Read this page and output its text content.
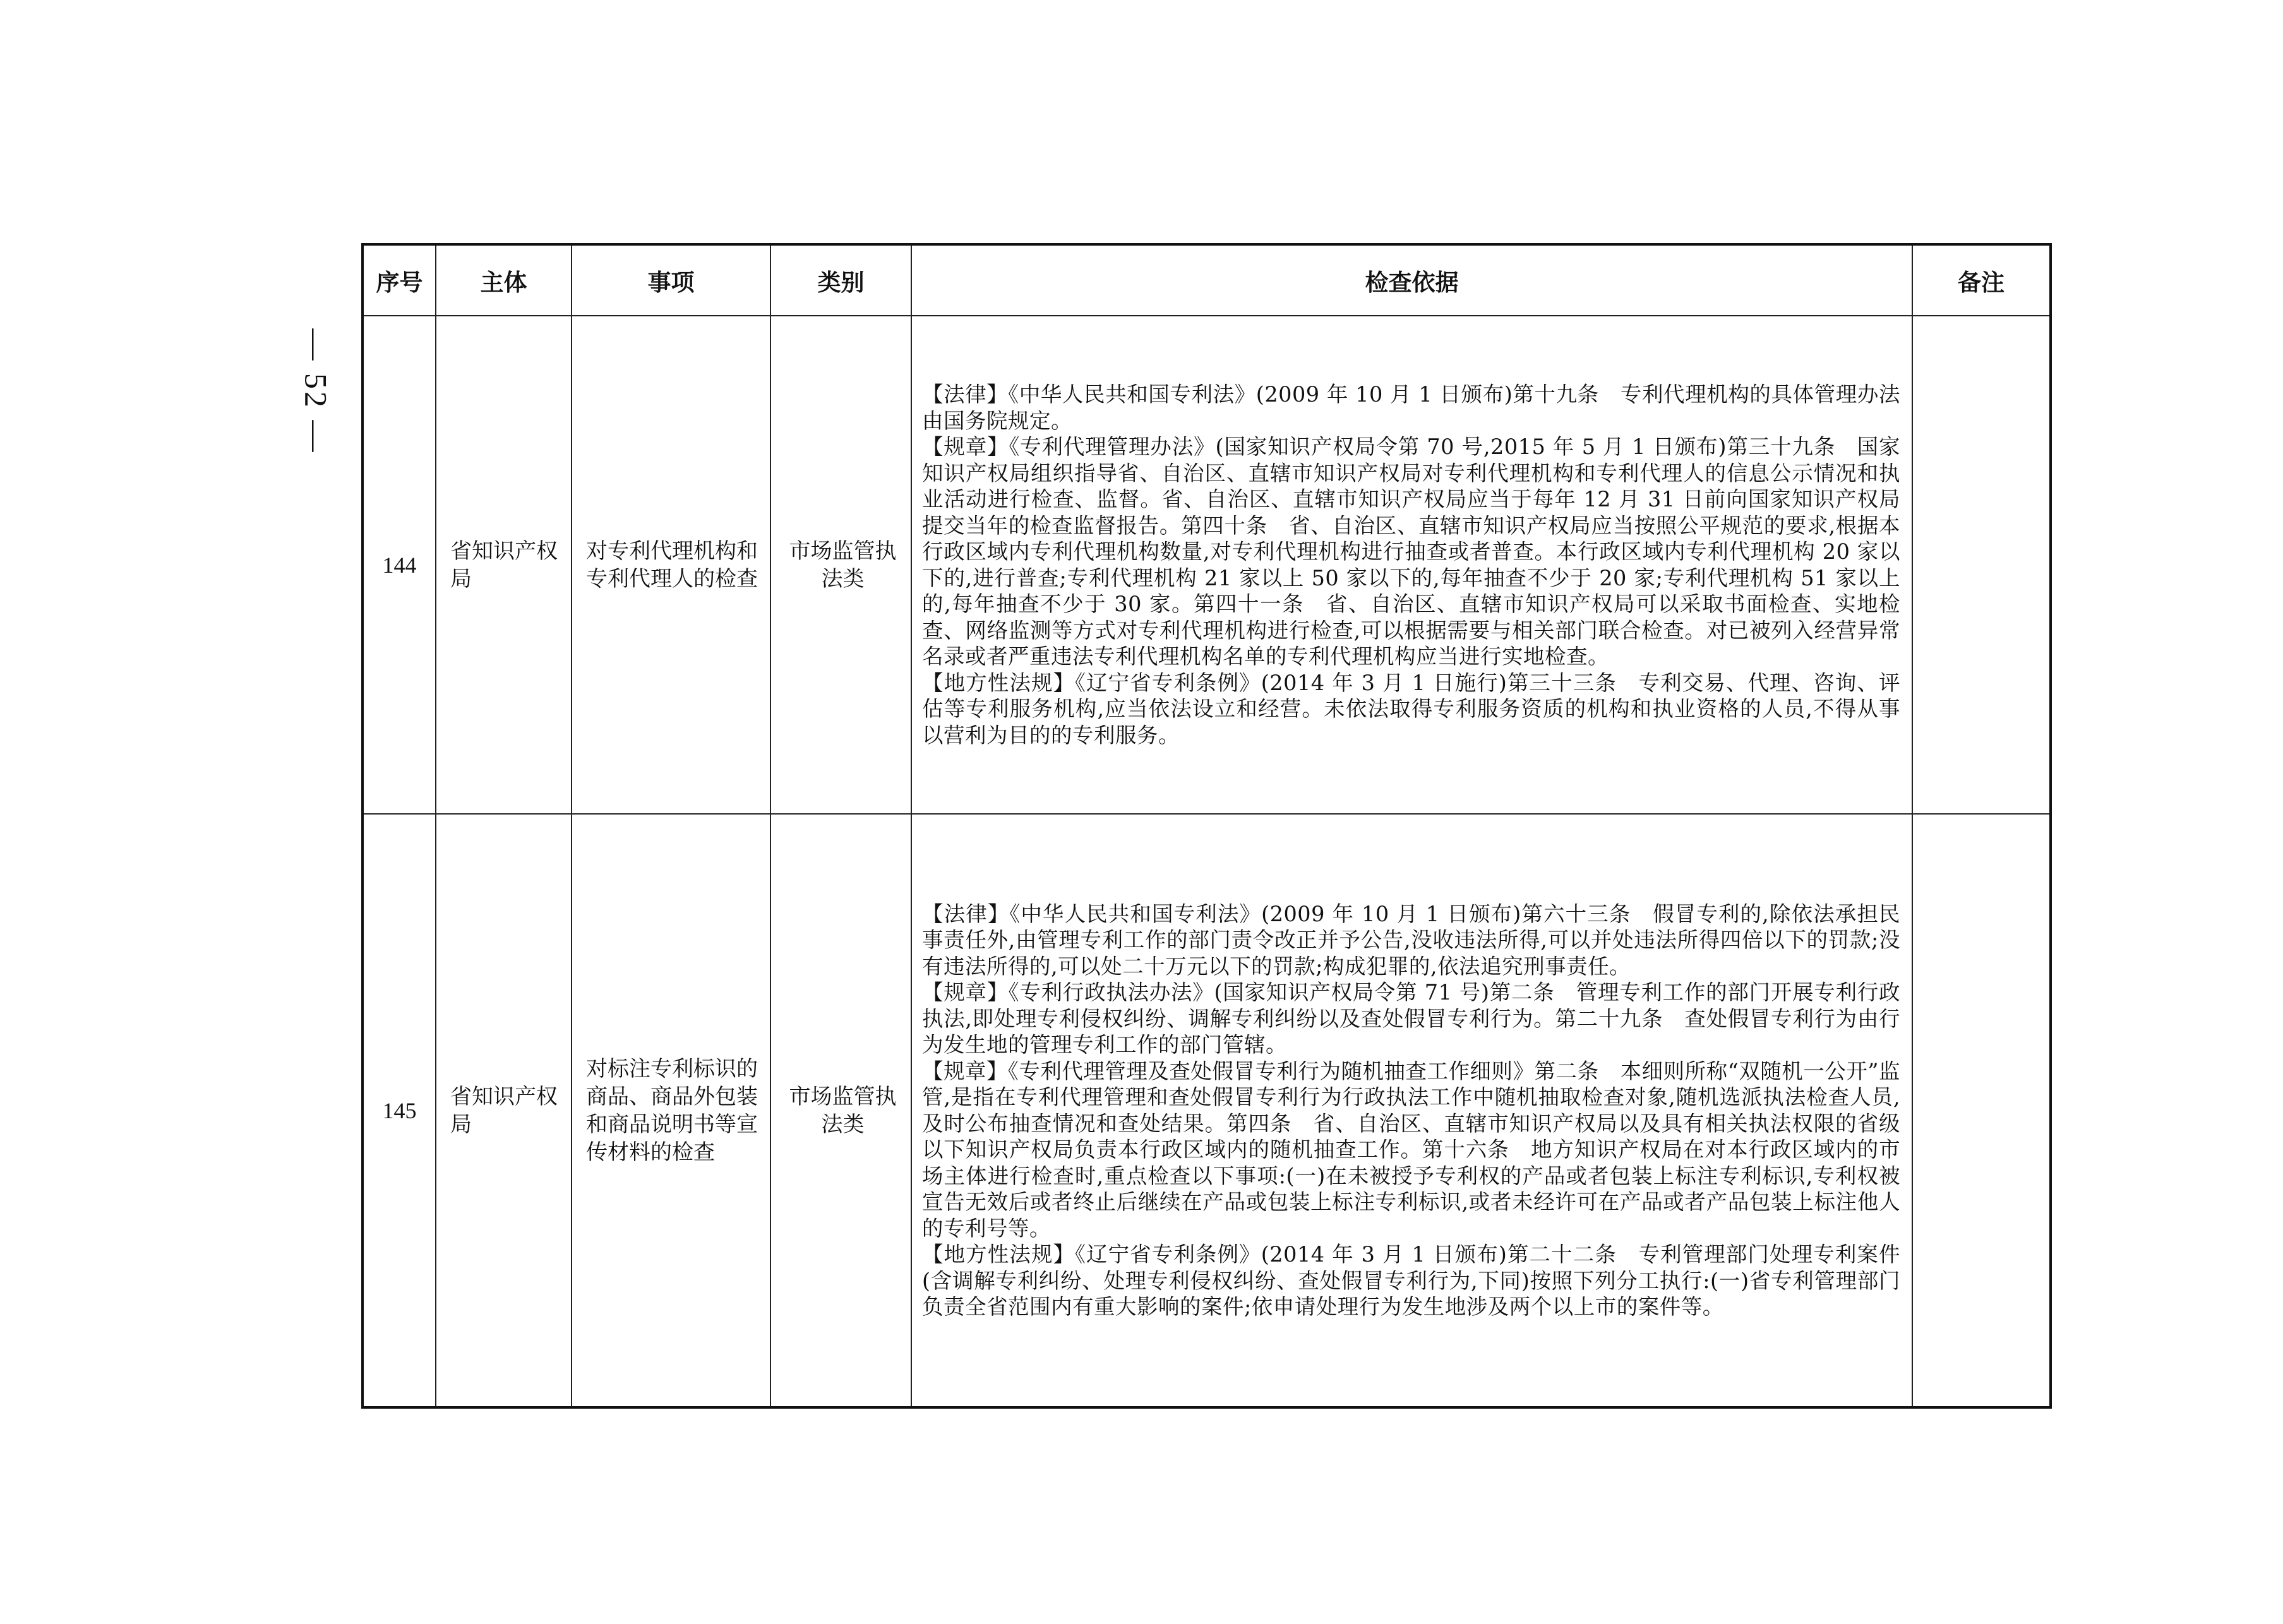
— 52 —
序号	主体	事项	类别	检查依据	备注
144	省知识产权局	对专利代理机构和专利代理人的检查	市场监管执法类	【法律】《中华人民共和国专利法》(2009 年 10 月 1 日颁布)第十九条　专利代理机构的具体管理办法由国务院规定。

【规章】《专利代理管理办法》(国家知识产权局令第 70 号,2015 年 5 月 1 日颁布)第三十九条　国家知识产权局组织指导省、自治区、直辖市知识产权局对专利代理机构和专利代理人的信息公示情况和执业活动进行检查、监督。省、自治区、直辖市知识产权局应当于每年 12 月 31 日前向国家知识产权局提交当年的检查监督报告。第四十条　省、自治区、直辖市知识产权局应当按照公平规范的要求,根据本行政区域内专利代理机构数量,对专利代理机构进行抽查或者普查。本行政区域内专利代理机构 20 家以下的,进行普查;专利代理机构 21 家以上 50 家以下的,每年抽查不少于 20 家;专利代理机构 51 家以上的,每年抽查不少于 30 家。第四十一条　省、自治区、直辖市知识产权局可以采取书面检查、实地检查、网络监测等方式对专利代理机构进行检查,可以根据需要与相关部门联合检查。对已被列入经营异常名录或者严重违法专利代理机构名单的专利代理机构应当进行实地检查。

【地方性法规】《辽宁省专利条例》(2014 年 3 月 1 日施行)第三十三条　专利交易、代理、咨询、评估等专利服务机构,应当依法设立和经营。未依法取得专利服务资质的机构和执业资格的人员,不得从事以营利为目的的专利服务。	

145	省知识产权局	对标注专利标识的商品、商品外包装和商品说明书等宣传材料的检查	市场监管执法类	【法律】《中华人民共和国专利法》(2009 年 10 月 1 日颁布)第六十三条　假冒专利的,除依法承担民事责任外,由管理专利工作的部门责令改正并予公告,没收违法所得,可以并处违法所得四倍以下的罚款;没有违法所得的,可以处二十万元以下的罚款;构成犯罪的,依法追究刑事责任。

【规章】《专利行政执法办法》(国家知识产权局令第 71 号)第二条　管理专利工作的部门开展专利行政执法,即处理专利侵权纠纷、调解专利纠纷以及查处假冒专利行为。第二十九条　查处假冒专利行为由行为发生地的管理专利工作的部门管辖。

【规章】《专利代理管理及查处假冒专利行为随机抽查工作细则》第二条　本细则所称“双随机一公开”监管,是指在专利代理管理和查处假冒专利行为行政执法工作中随机抽取检查对象,随机选派执法检查人员,及时公布抽查情况和查处结果。第四条　省、自治区、直辖市知识产权局以及具有相关执法权限的省级以下知识产权局负责本行政区域内的随机抽查工作。第十六条　地方知识产权局在对本行政区域内的市场主体进行检查时,重点检查以下事项:(一)在未被授予专利权的产品或者包装上标注专利标识,专利权被宣告无效后或者终止后继续在产品或包装上标注专利标识,或者未经许可在产品或者产品包装上标注他人的专利号等。

【地方性法规】《辽宁省专利条例》(2014 年 3 月 1 日颁布)第二十二条　专利管理部门处理专利案件(含调解专利纠纷、处理专利侵权纠纷、查处假冒专利行为,下同)按照下列分工执行:(一)省专利管理部门负责全省范围内有重大影响的案件;依申请处理行为发生地涉及两个以上市的案件等。	
